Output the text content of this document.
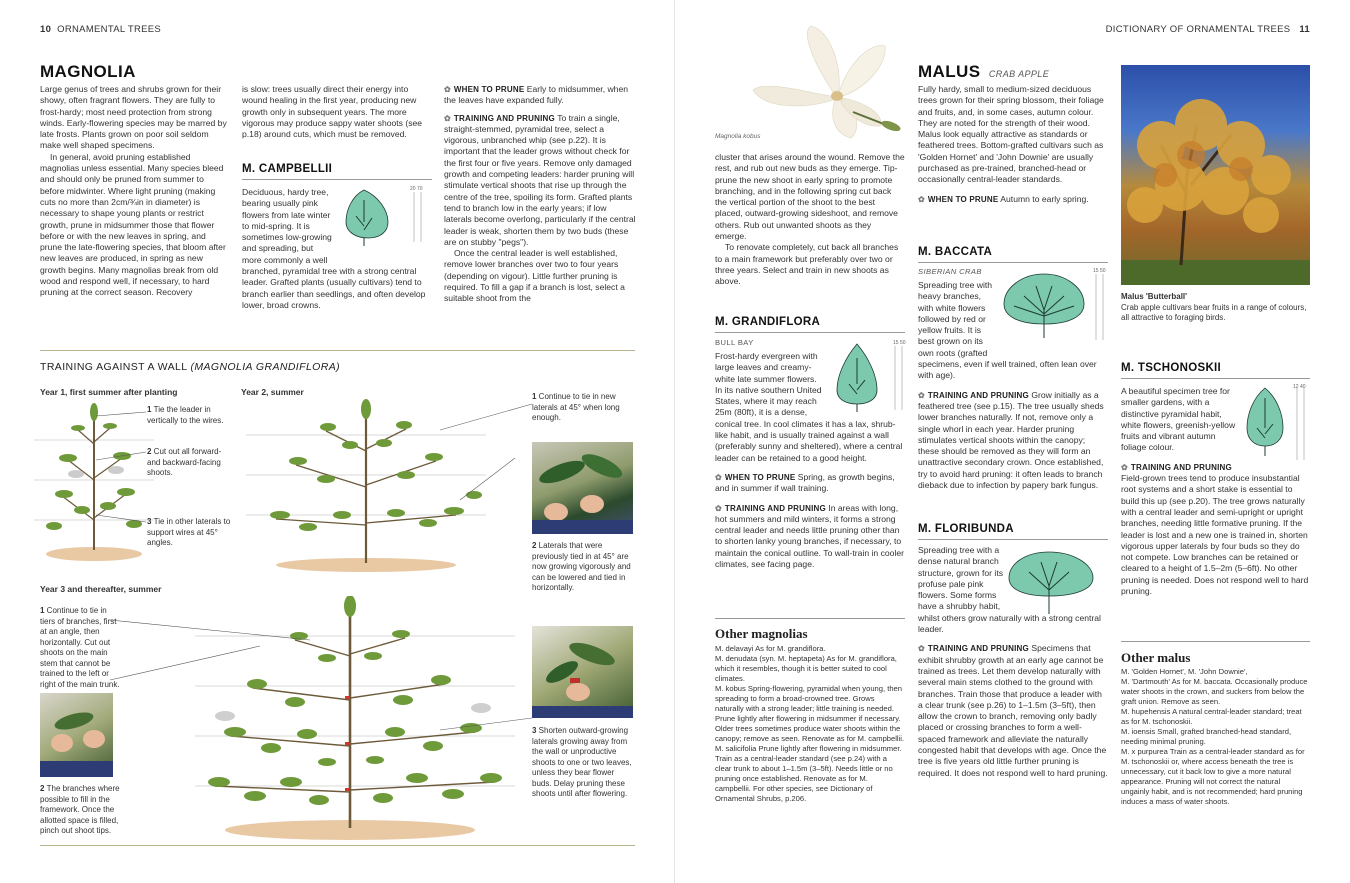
10 ORNAMENTAL TREES
MAGNOLIA

Large genus of trees and shrubs grown for their showy, often fragrant flowers. They are fully to frost-hardy; most need protection from strong winds. Early-flowering species may be marred by late frosts. Plants grown on poor soil seldom make well shaped specimens.

In general, avoid pruning established magnolias unless essential. Many species bleed and should only be pruned from summer to before midwinter. Where light pruning (making cuts no more than 2cm/¾in in diameter) is necessary to shape young plants or restrict growth, prune in midsummer those that flower before or with the new leaves in spring, and prune the late-flowering species, that bloom after new leaves are produced, in spring as new growth begins. Many magnolias break from old wood and respond well, if necessary, to hard pruning at the correct season. Recovery

is slow: trees usually direct their energy into wound healing in the first year, producing new growth only in subsequent years. The more vigorous may produce sappy water shoots (see p.18) around cuts, which must be removed.
M. CAMPBELLII
20 70
Deciduous, hardy tree, bearing usually pink flowers from late winter to mid-spring. It is sometimes low-growing and spreading, but more commonly a well branched, pyramidal tree with a strong central leader. Grafted plants (usually cultivars) tend to branch earlier than seedlings, and often develop lower, broad crowns.

✿ WHEN TO PRUNE Early to midsummer, when the leaves have expanded fully.

✿ TRAINING AND PRUNING To train a single, straight-stemmed, pyramidal tree, select a vigorous, unbranched whip (see p.22). It is important that the leader grows without check for the first four or five years. Remove only damaged growth and competing leaders: harder pruning will stimulate vertical shoots that rise up through the centre of the tree, spoiling its form. Grafted plants tend to branch low in the early years; if low laterals become overlong, particularly if the central leader is weak, shorten them by two buds (these are on stubby "pegs").

Once the central leader is well established, remove lower branches over two to four years (depending on vigour). Little further pruning is required. To fill a gap if a branch is lost, select a suitable shoot from the

TRAINING AGAINST A WALL (MAGNOLIA GRANDIFLORA)
Year 1, first summer after planting	Year 2, summer
Year 3 and thereafter, summer
1 Tie the leader in vertically to the wires.
2 Cut out all forward- and backward-facing shoots.
3 Tie in other laterals to support wires at 45° angles.
1 Continue to tie in new laterals at 45° when long enough.
2 Laterals that were previously tied in at 45° are now growing vigorously and can be lowered and tied in horizontally.
1 Continue to tie in tiers of branches, first at an angle, then horizontally. Cut out shoots on the main stem that cannot be trained to the left or right of the main trunk.
2 The branches where possible to fill in the framework. Once the allotted space is filled, pinch out shoot tips.
3 Shorten outward-growing laterals growing away from the wall or unproductive shoots to one or two leaves, unless they bear flower buds. Delay pruning these shoots until after flowering.
DICTIONARY OF ORNAMENTAL TREES 11
Magnolia kobus

cluster that arises around the wound. Remove the rest, and rub out new buds as they emerge. Tip-prune the new shoot in early spring to promote branching, and in the following spring cut back the vertical portion of the shoot to the best placed, outward-growing sideshoot, and remove others. Rub out unwanted shoots as they emerge.

To renovate completely, cut back all branches to a main framework but preferably over two or three years. Select and train in new shoots as above.

M. GRANDIFLORA
BULL BAY	15 50
Frost-hardy evergreen with large leaves and creamy-white late summer flowers. In its native southern United States, where it may reach 25m (80ft), it is a dense, conical tree. In cool climates it has a lax, shrub-like habit, and is usually trained against a wall (preferably sunny and sheltered), where a central leader can be retained to a good height.

✿ WHEN TO PRUNE Spring, as growth begins, and in summer if wall training.

✿ TRAINING AND PRUNING In areas with long, hot summers and mild winters, it forms a strong central leader and needs little pruning other than to shorten lanky young branches, if necessary, to maintain the conical outline. To wall-train in cooler climates, see facing page.

Other magnolias

M. delavayi As for M. grandiflora.

M. denudata (syn. M. heptapeta) As for M. grandiflora, which it resembles, though it is better suited to cool climates.

M. kobus Spring-flowering, pyramidal when young, then spreading to form a broad-crowned tree. Grows naturally with a strong leader; little training is needed. Prune lightly after flowering in midsummer if necessary. Older trees sometimes produce water shoots within the canopy; remove as seen. Renovate as for M. campbellii.

M. salicifolia Prune lightly after flowering in midsummer. Train as a central-leader standard (see p.24) with a clear trunk to about 1–1.5m (3–5ft). Needs little or no pruning once established. Renovate as for M. campbellii. For other species, see Dictionary of Ornamental Shrubs, p.206.

MALUS CRAB APPLE

Fully hardy, small to medium-sized deciduous trees grown for their spring blossom, their foliage and fruits, and, in some cases, autumn colour. They are noted for the strength of their wood. Malus look equally attractive as standards or feathered trees. Bottom-grafted cultivars such as 'Golden Hornet' and 'John Downie' are usually purchased as pre-trained, branched-head or occasionally central-leader standards.

✿ WHEN TO PRUNE Autumn to early spring.

M. BACCATA
SIBERIAN CRAB	15 50
Spreading tree with heavy branches, with white flowers followed by red or yellow fruits. It is best grown on its own roots (grafted specimens, even if well trained, often lean over with age).

✿ TRAINING AND PRUNING Grow initially as a feathered tree (see p.15). The tree usually sheds lower branches naturally. If not, remove only a single whorl in each year. Harder pruning stimulates vertical shoots within the canopy; these should be removed as they will form an unattractive secondary crown. Once established, try to avoid hard pruning: it often leads to branch dieback due to infection by papery bark fungus.

M. FLORIBUNDA
Spreading tree with a dense natural branch structure, grown for its profuse pale pink flowers. Some forms have a shrubby habit, whilst others grow naturally with a strong central leader.

✿ TRAINING AND PRUNING Specimens that exhibit shrubby growth at an early age cannot be trained as trees. Let them develop naturally with several main stems clothed to the ground with branches. Train those that produce a leader with a clear trunk (see p.26) to 1–1.5m (3–5ft), then allow the crown to branch, removing only badly placed or crossing branches to form a well-spaced framework and alleviate the naturally congested habit that develops with age. Once the tree is five years old little further pruning is required. It does not respond well to hard pruning.

Malus 'Butterball'
Crab apple cultivars bear fruits in a range of colours, all attractive to foraging birds.
M. TSCHONOSKII
12 40
A beautiful specimen tree for smaller gardens, with a distinctive pyramidal habit, white flowers, greenish-yellow fruits and vibrant autumn foliage colour.

✿ TRAINING AND PRUNING Field-grown trees tend to produce insubstantial root systems and a short stake is essential to build this up (see p.20). The tree grows naturally with a central leader and semi-upright or upright branches, needing little formative pruning. If the leader is lost and a new one is trained in, shorten vigorous upper laterals by four buds so they do not compete. Low branches can be retained or cleared to a height of 1.5–2m (5–6ft). No other pruning is needed. Does not respond well to hard pruning.

Other malus

M. 'Golden Hornet', M. 'John Downie',

M. 'Dartmouth' As for M. baccata. Occasionally produce water shoots in the crown, and suckers from below the graft union. Remove as seen.

M. hupehensis A natural central-leader standard; treat as for M. tschonoskii.

M. ioensis Small, grafted branched-head standard, needing minimal pruning.

M. x purpurea Train as a central-leader standard as for M. tschonoskii or, where access beneath the tree is unnecessary, cut it back low to give a more natural appearance. Pruning will not correct the natural ungainly habit, and is not recommended; hard pruning induces a mass of water shoots.
